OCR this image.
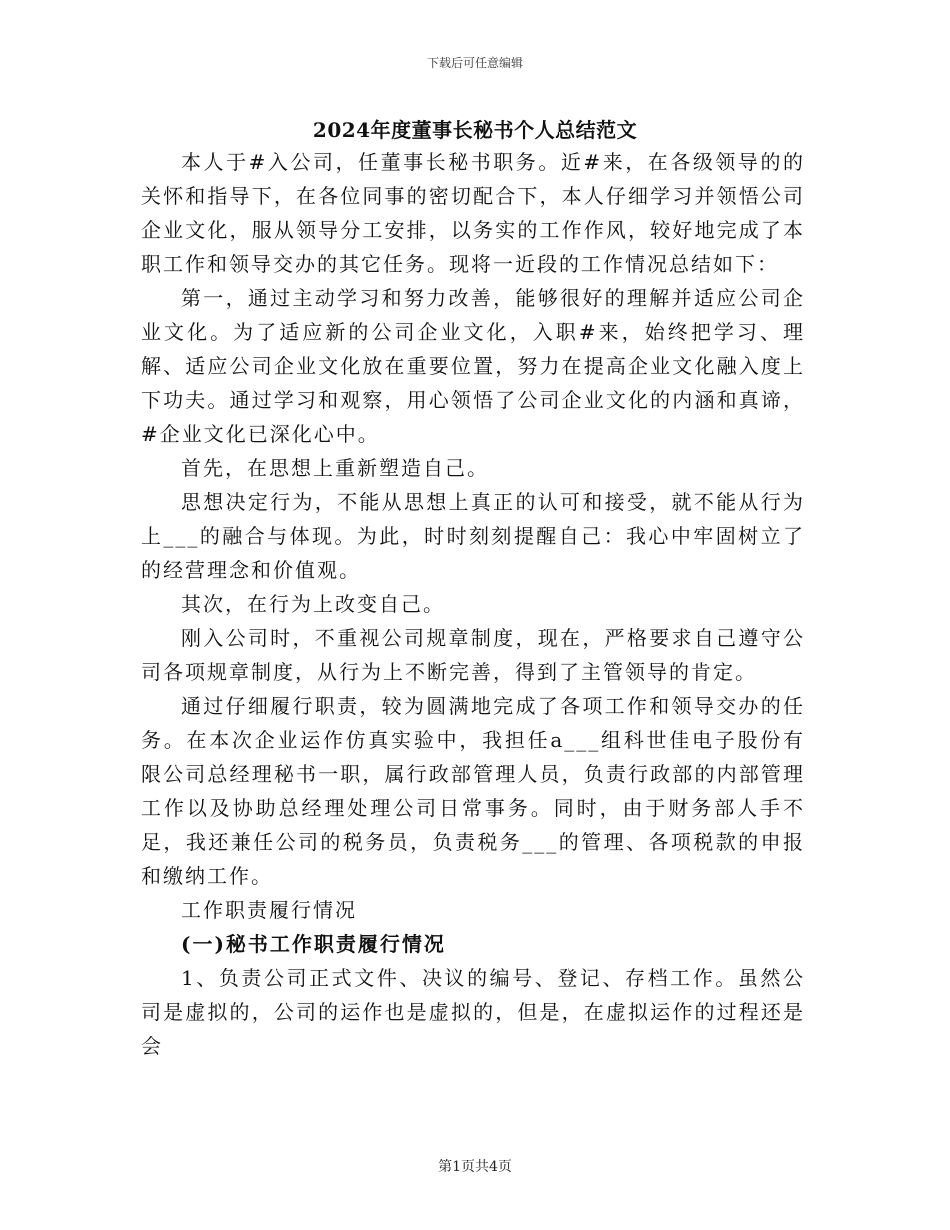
下载后可任意编辑
2024年度董事长秘书个人总结范文

本人于#入公司，任董事长秘书职务。近#来，在各级领导的的关怀和指导下，在各位同事的密切配合下，本人仔细学习并领悟公司企业文化，服从领导分工安排，以务实的工作作风，较好地完成了本职工作和领导交办的其它任务。现将一近段的工作情况总结如下：

第一，通过主动学习和努力改善，能够很好的理解并适应公司企业文化。为了适应新的公司企业文化，入职#来，始终把学习、理解、适应公司企业文化放在重要位置，努力在提高企业文化融入度上下功夫。通过学习和观察，用心领悟了公司企业文化的内涵和真谛，#企业文化已深化心中。

首先，在思想上重新塑造自己。

思想决定行为，不能从思想上真正的认可和接受，就不能从行为上___的融合与体现。为此，时时刻刻提醒自己：我心中牢固树立了的经营理念和价值观。

其次，在行为上改变自己。

刚入公司时，不重视公司规章制度，现在，严格要求自己遵守公司各项规章制度，从行为上不断完善，得到了主管领导的肯定。

通过仔细履行职责，较为圆满地完成了各项工作和领导交办的任务。在本次企业运作仿真实验中，我担任a___组科世佳电子股份有限公司总经理秘书一职，属行政部管理人员，负责行政部的内部管理工作以及协助总经理处理公司日常事务。同时，由于财务部人手不足，我还兼任公司的税务员，负责税务___的管理、各项税款的申报和缴纳工作。

工作职责履行情况

(一)秘书工作职责履行情况

1、负责公司正式文件、决议的编号、登记、存档工作。虽然公司是虚拟的，公司的运作也是虚拟的，但是，在虚拟运作的过程还是会

第1页共4页
